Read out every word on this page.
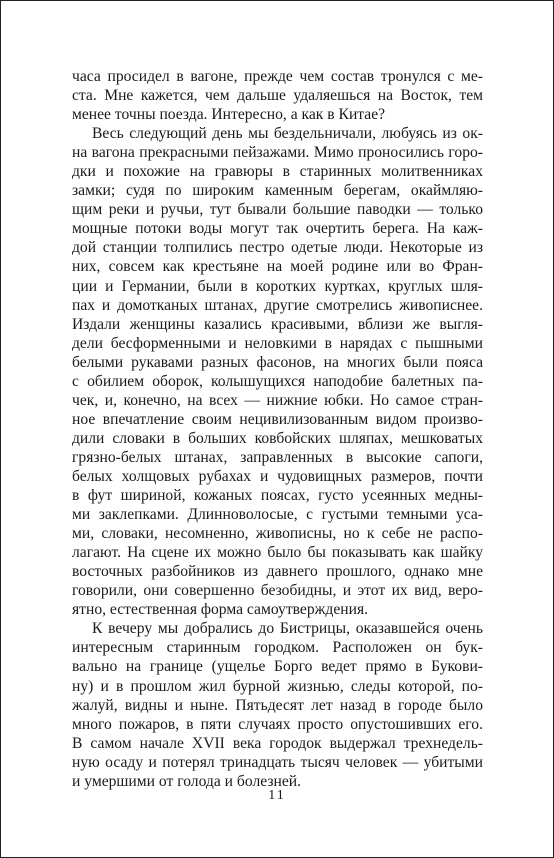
часа просидел в вагоне, прежде чем состав тронулся с ме-
ста. Мне кажется, чем дальше удаляешься на Восток, тем
менее точны поезда. Интересно, а как в Китае?
Весь следующий день мы бездельничали, любуясь из ок-
на вагона прекрасными пейзажами. Мимо проносились горо-
дки и похожие на гравюры в старинных молитвенниках
замки; судя по широким каменным берегам, окаймляю-
щим реки и ручьи, тут бывали большие паводки — только
мощные потоки воды могут так очертить берега. На каж-
дой станции толпились пестро одетые люди. Некоторые из
них, совсем как крестьяне на моей родине или во Фран-
ции и Германии, были в коротких куртках, круглых шля-
пах и домотканых штанах, другие смотрелись живописнее.
Издали женщины казались красивыми, вблизи же выгля-
дели бесформенными и неловкими в нарядах с пышными
белыми рукавами разных фасонов, на многих были пояса
с обилием оборок, колышущихся наподобие балетных па-
чек, и, конечно, на всех — нижние юбки. Но самое стран-
ное впечатление своим нецивилизованным видом произво-
дили словаки в больших ковбойских шляпах, мешковатых
грязно-белых штанах, заправленных в высокие сапоги,
белых холщовых рубахах и чудовищных размеров, почти
в фут шириной, кожаных поясах, густо усеянных медны-
ми заклепками. Длинноволосые, с густыми темными уса-
ми, словаки, несомненно, живописны, но к себе не распо-
лагают. На сцене их можно было бы показывать как шайку
восточных разбойников из давнего прошлого, однако мне
говорили, они совершенно безобидны, и этот их вид, веро-
ятно, естественная форма самоутверждения.
К вечеру мы добрались до Бистрицы, оказавшейся очень
интересным старинным городком. Расположен он бук-
вально на границе (ущелье Борго ведет прямо в Букови-
ну) и в прошлом жил бурной жизнью, следы которой, по-
жалуй, видны и ныне. Пятьдесят лет назад в городе было
много пожаров, в пяти случаях просто опустошивших его.
В самом начале XVII века городок выдержал трехнедель-
ную осаду и потерял тринадцать тысяч человек — убитыми
и умершими от голода и болезней.
11
